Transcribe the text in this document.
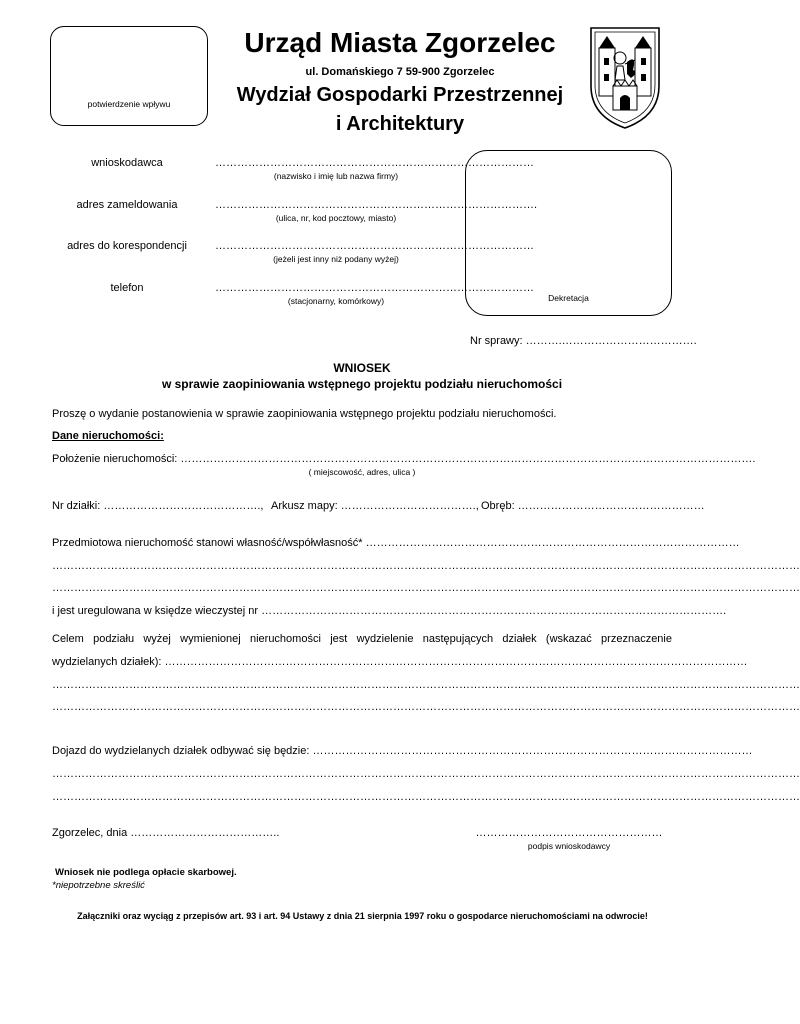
potwierdzenie wpływu
Urząd Miasta Zgorzelec
ul. Domańskiego 7 59-900 Zgorzelec
Wydział Gospodarki Przestrzennej
i Architektury
wnioskodawca	……………………………………………………………………………
(nazwisko i imię lub nazwa firmy)
adres zameldowania	…………………………………………………………………………….
(ulica, nr, kod pocztowy, miasto)
adres do korespondencji	……………………………………………………………………………
(jeżeli jest inny niż podany wyżej)
telefon	……………………………………………………………………………
(stacjonarny, komórkowy)	Dekretacja
Nr sprawy: ……….……………………………….
WNIOSEK
w sprawie zaopiniowania wstępnego projektu podziału nieruchomości
Proszę o wydanie postanowienia w sprawie zaopiniowania wstępnego projektu podziału nieruchomości.
Dane nieruchomości:
Położenie nieruchomości: ………………………………………………………………………………………………………………………………………….
( miejscowość, adres, ulica )
Nr działki: ……………………………………., Arkusz mapy: ………………………………., Obręb: ……………………………………………
Przedmiotowa nieruchomość stanowi własność/współwłasność* …………………………………………………………………………………………
……………………………………………………………………………………………………………………………………………………………………………………
……………………………………………………………………………………………………………………………………………………………………………………
i jest uregulowana w księdze wieczystej nr ……………………………………………………………………………………………………………….
Celem podziału wyżej wymienionej nieruchomości jest wydzielenie następujących działek (wskazać przeznaczenie
wydzielanych działek): ……………………………………………………………………………………………………………………………………………
……………………………………………………………………………………………………………………………………………………………………………………
……………………………………………………………………………………………………………………………………………………………………………………
Dojazd do wydzielanych działek odbywać się będzie: …………………………………………………………………………………………………………
……………………………………………………………………………………………………………………………………………………………………………………
……………………………………………………………………………………………………………………………………………………………………………………
Zgorzelec, dnia …………………………………..	……………………………………………
podpis wnioskodawcy
Wniosek nie podlega opłacie skarbowej.
*niepotrzebne skreślić
Załączniki oraz wyciąg z przepisów art. 93 i art. 94 Ustawy z dnia 21 sierpnia 1997 roku o gospodarce nieruchomościami na odwrocie!
